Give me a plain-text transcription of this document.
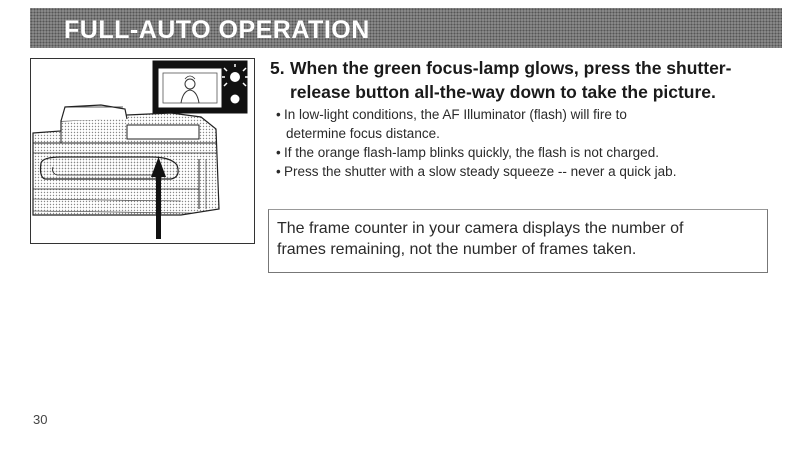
FULL-AUTO OPERATION
5. When the green focus-lamp glows, press the shutter-
release button all-the-way down to take the picture.
• In low-light conditions, the AF Illuminator (flash) will fire to
determine focus distance.
• If the orange flash-lamp blinks quickly, the flash is not charged.
• Press the shutter with a slow steady squeeze -- never a quick jab.
The frame counter in your camera displays the number of
frames remaining, not the number of frames taken.
30
